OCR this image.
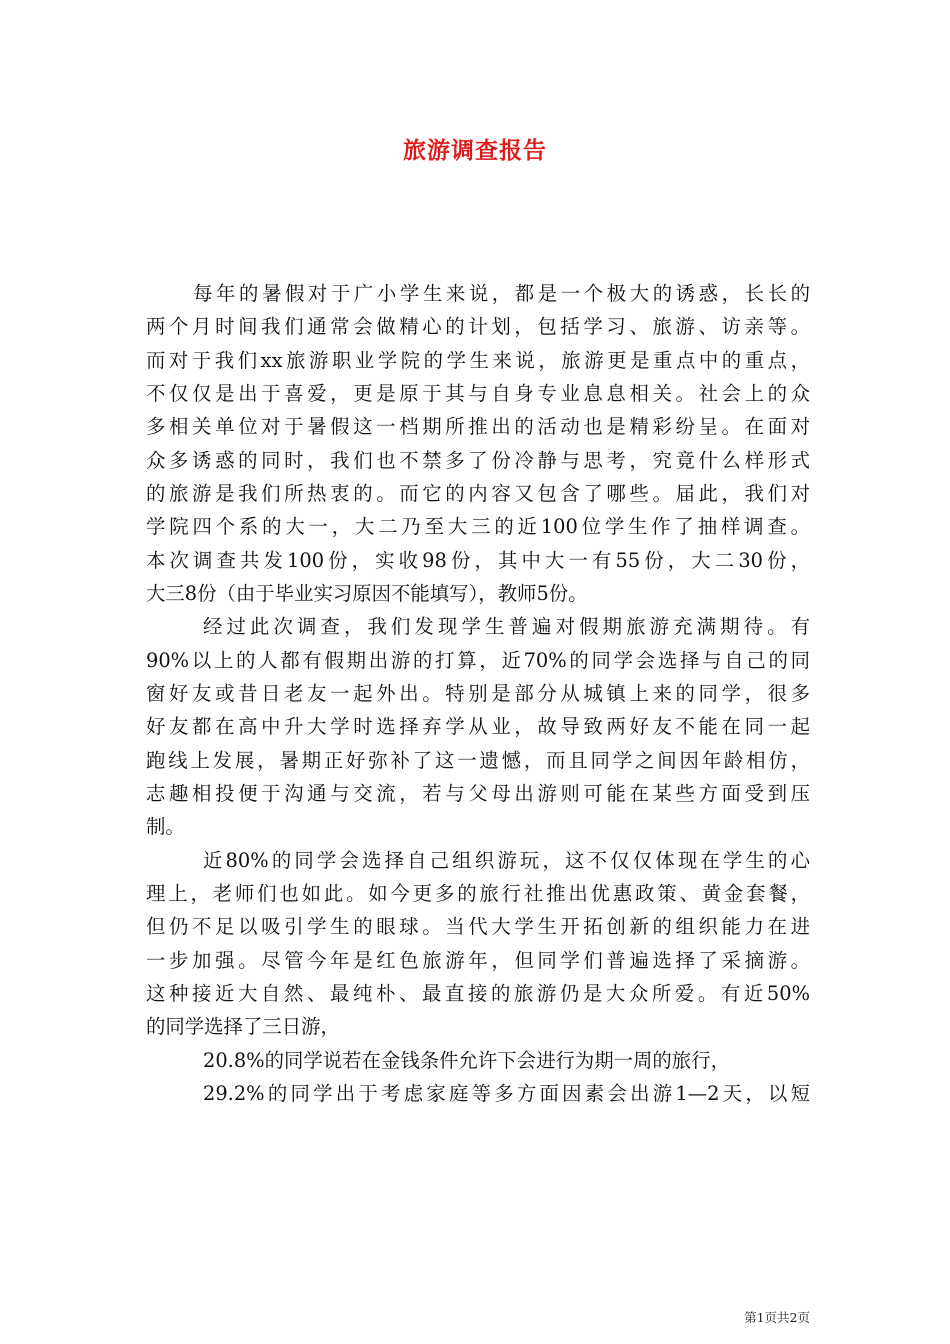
旅游调查报告
每年的暑假对于广小学生来说，都是一个极大的诱惑，长长的
两个月时间我们通常会做精心的计划，包括学习、旅游、访亲等。
而对于我们xx旅游职业学院的学生来说，旅游更是重点中的重点，
不仅仅是出于喜爱，更是原于其与自身专业息息相关。社会上的众
多相关单位对于暑假这一档期所推出的活动也是精彩纷呈。在面对
众多诱惑的同时，我们也不禁多了份冷静与思考，究竟什么样形式
的旅游是我们所热衷的。而它的内容又包含了哪些。届此，我们对
学院四个系的大一，大二乃至大三的近100位学生作了抽样调查。
本次调查共发100份，实收98份，其中大一有55份，大二30份，
大三8份（由于毕业实习原因不能填写），教师5份。
经过此次调查，我们发现学生普遍对假期旅游充满期待。有
90%以上的人都有假期出游的打算，近70%的同学会选择与自己的同
窗好友或昔日老友一起外出。特别是部分从城镇上来的同学，很多
好友都在高中升大学时选择弃学从业，故导致两好友不能在同一起
跑线上发展，暑期正好弥补了这一遗憾，而且同学之间因年龄相仿，
志趣相投便于沟通与交流，若与父母出游则可能在某些方面受到压
制。
近80%的同学会选择自己组织游玩，这不仅仅体现在学生的心
理上，老师们也如此。如今更多的旅行社推出优惠政策、黄金套餐，
但仍不足以吸引学生的眼球。当代大学生开拓创新的组织能力在进
一步加强。尽管今年是红色旅游年，但同学们普遍选择了采摘游。
这种接近大自然、最纯朴、最直接的旅游仍是大众所爱。有近50%
的同学选择了三日游，
20.8%的同学说若在金钱条件允许下会进行为期一周的旅行，
29.2%的同学出于考虑家庭等多方面因素会出游1—2天，以短
第1页共2页
